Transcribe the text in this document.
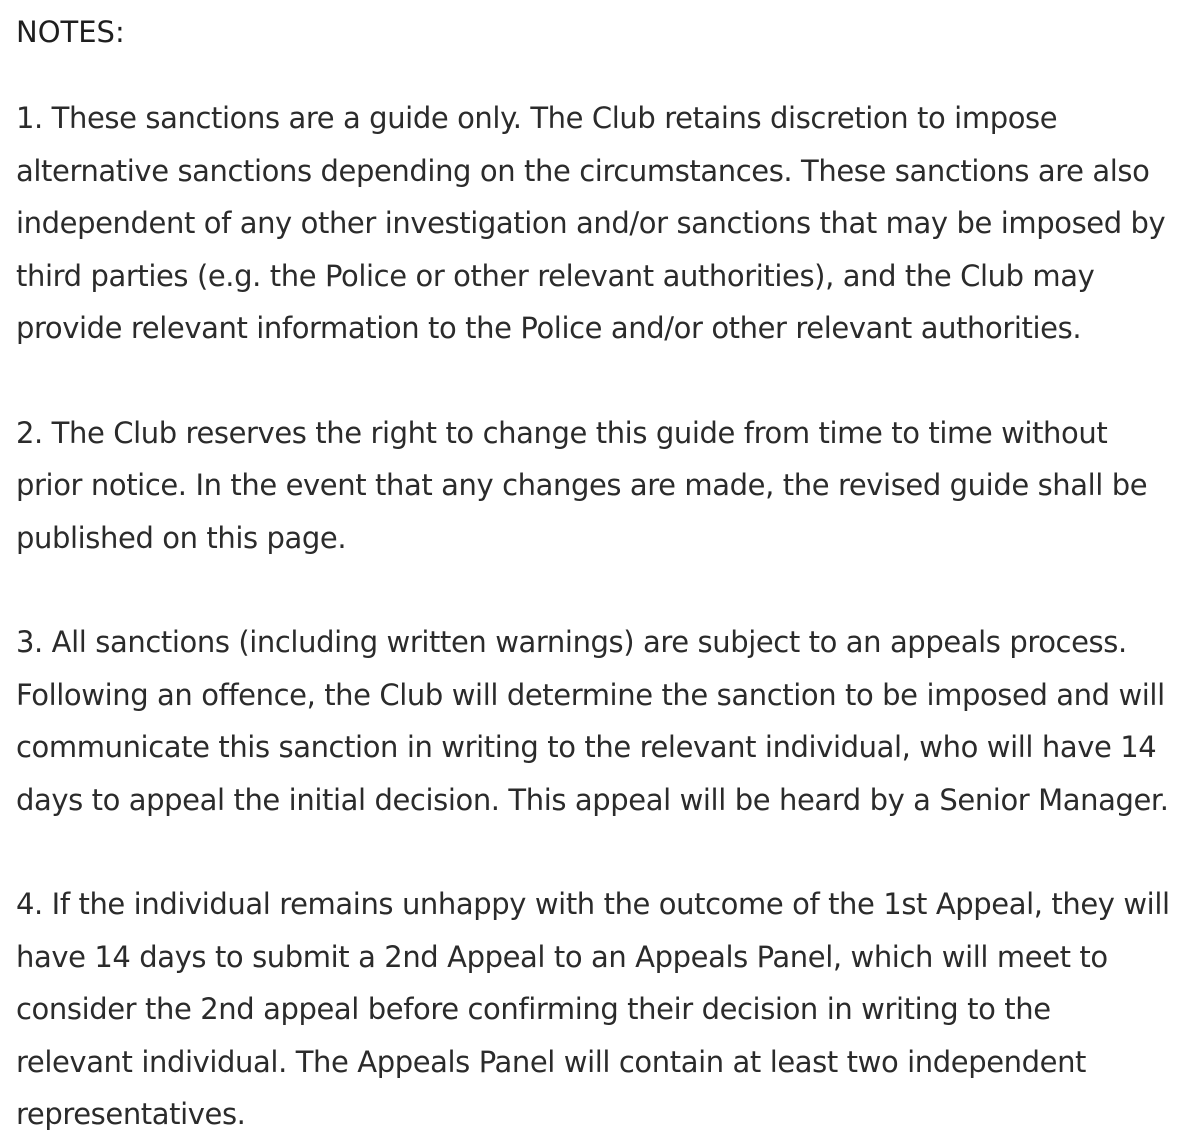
NOTES:

1. These sanctions are a guide only. The Club retains discretion to impose alternative sanctions depending on the circumstances. These sanctions are also independent of any other investigation and/or sanctions that may be imposed by third parties (e.g. the Police or other relevant authorities), and the Club may provide relevant information to the Police and/or other relevant authorities.

2. The Club reserves the right to change this guide from time to time without prior notice. In the event that any changes are made, the revised guide shall be published on this page.

3. All sanctions (including written warnings) are subject to an appeals process. Following an offence, the Club will determine the sanction to be imposed and will communicate this sanction in writing to the relevant individual, who will have 14 days to appeal the initial decision. This appeal will be heard by a Senior Manager.

4. If the individual remains unhappy with the outcome of the 1st Appeal, they will have 14 days to submit a 2nd Appeal to an Appeals Panel, which will meet to consider the 2nd appeal before confirming their decision in writing to the relevant individual. The Appeals Panel will contain at least two independent representatives.
